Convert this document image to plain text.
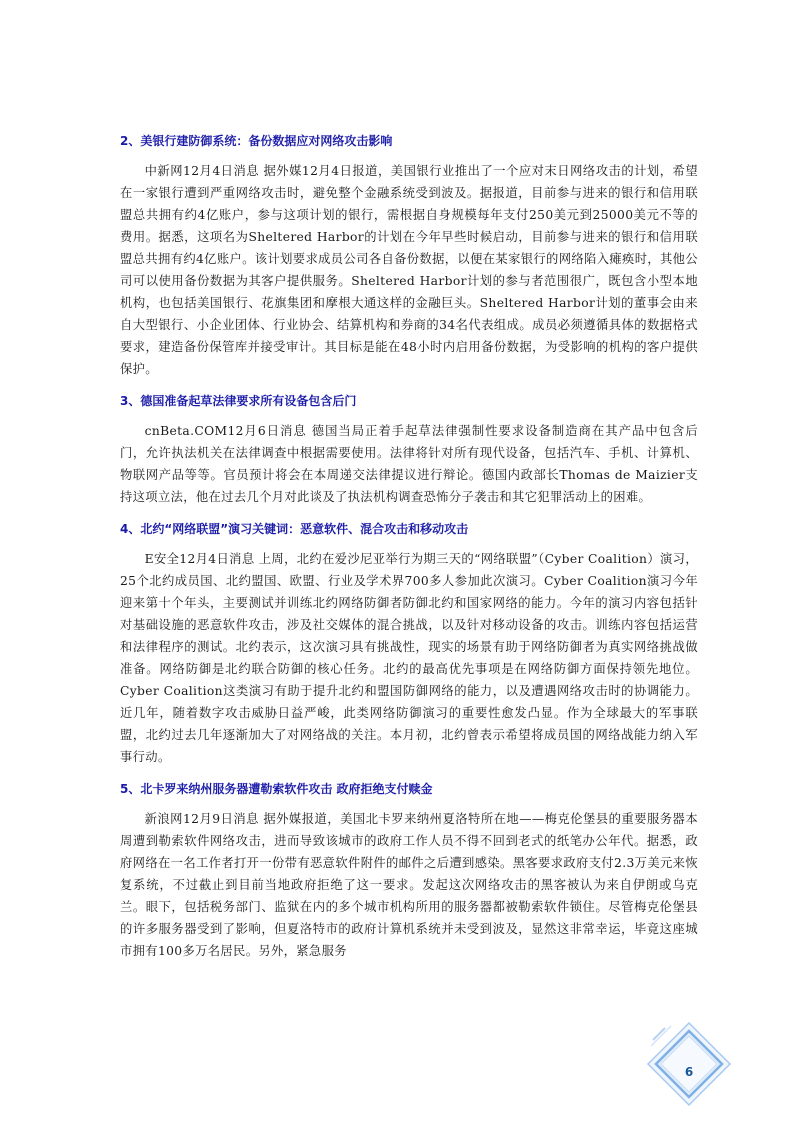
2、美银行建防御系统：备份数据应对网络攻击影响

中新网12月4日消息 据外媒12月4日报道，美国银行业推出了一个应对末日网络攻击的计划，希望在一家银行遭到严重网络攻击时，避免整个金融系统受到波及。据报道，目前参与进来的银行和信用联盟总共拥有约4亿账户，参与这项计划的银行，需根据自身规模每年支付250美元到25000美元不等的费用。据悉，这项名为Sheltered Harbor的计划在今年早些时候启动，目前参与进来的银行和信用联盟总共拥有约4亿账户。该计划要求成员公司各自备份数据，以便在某家银行的网络陷入瘫痪时，其他公司可以使用备份数据为其客户提供服务。Sheltered Harbor计划的参与者范围很广，既包含小型本地机构，也包括美国银行、花旗集团和摩根大通这样的金融巨头。Sheltered Harbor计划的董事会由来自大型银行、小企业团体、行业协会、结算机构和券商的34名代表组成。成员必须遵循具体的数据格式要求，建造备份保管库并接受审计。其目标是能在48小时内启用备份数据，为受影响的机构的客户提供保护。

3、德国准备起草法律要求所有设备包含后门

cnBeta.COM12月6日消息 德国当局正着手起草法律强制性要求设备制造商在其产品中包含后门，允许执法机关在法律调查中根据需要使用。法律将针对所有现代设备，包括汽车、手机、计算机、物联网产品等等。官员预计将会在本周递交法律提议进行辩论。德国内政部长Thomas de Maizier支持这项立法，他在过去几个月对此谈及了执法机构调查恐怖分子袭击和其它犯罪活动上的困难。

4、北约“网络联盟”演习关键词：恶意软件、混合攻击和移动攻击

E安全12月4日消息 上周，北约在爱沙尼亚举行为期三天的“网络联盟”（Cyber Coalition）演习，25个北约成员国、北约盟国、欧盟、行业及学术界700多人参加此次演习。Cyber Coalition演习今年迎来第十个年头，主要测试并训练北约网络防御者防御北约和国家网络的能力。今年的演习内容包括针对基础设施的恶意软件攻击，涉及社交媒体的混合挑战，以及针对移动设备的攻击。训练内容包括运营和法律程序的测试。北约表示，这次演习具有挑战性，现实的场景有助于网络防御者为真实网络挑战做准备。网络防御是北约联合防御的核心任务。北约的最高优先事项是在网络防御方面保持领先地位。Cyber Coalition这类演习有助于提升北约和盟国防御网络的能力，以及遭遇网络攻击时的协调能力。近几年，随着数字攻击威胁日益严峻，此类网络防御演习的重要性愈发凸显。作为全球最大的军事联盟，北约过去几年逐渐加大了对网络战的关注。本月初，北约曾表示希望将成员国的网络战能力纳入军事行动。

5、北卡罗来纳州服务器遭勒索软件攻击 政府拒绝支付赎金

新浪网12月9日消息 据外媒报道，美国北卡罗来纳州夏洛特所在地——梅克伦堡县的重要服务器本周遭到勒索软件网络攻击，进而导致该城市的政府工作人员不得不回到老式的纸笔办公年代。据悉，政府网络在一名工作者打开一份带有恶意软件附件的邮件之后遭到感染。黑客要求政府支付2.3万美元来恢复系统，不过截止到目前当地政府拒绝了这一要求。发起这次网络攻击的黑客被认为来自伊朗或乌克兰。眼下，包括税务部门、监狱在内的多个城市机构所用的服务器都被勒索软件锁住。尽管梅克伦堡县的许多服务器受到了影响，但夏洛特市的政府计算机系统并未受到波及，显然这非常幸运，毕竟这座城市拥有100多万名居民。另外，紧急服务

6
